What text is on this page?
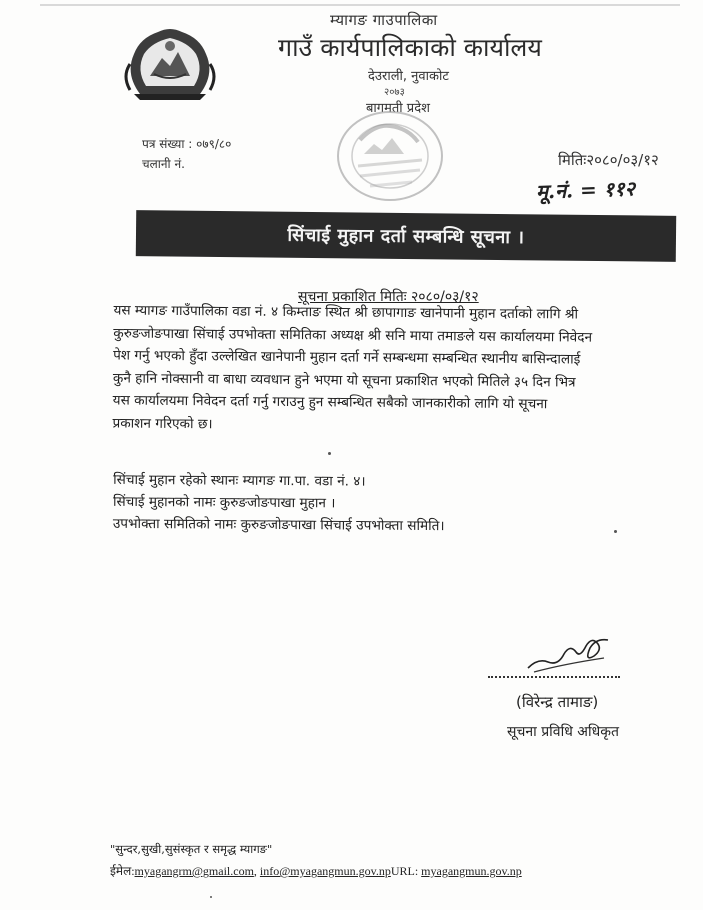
म्यागङ गाउपालिका
गाउँ कार्यपालिकाको कार्यालय
देउराली, नुवाकोट
२०७३
बागमती प्रदेश
पत्र संख्या : ०७९/८०
चलानी नं.	मितिः२०८०/०३/१२
मू.नं. = ११२
सिंचाई मुहान दर्ता सम्बन्धि सूचना ।
सूचना प्रकाशित मितिः २०८०/०३/१२
यस म्यागङ गाउँपालिका वडा नं. ४ किम्ताङ स्थित श्री छापागाङ खानेपानी मुहान दर्ताको लागि श्री
कुरुङजोङपाखा सिंचाई उपभोक्ता समितिका अध्यक्ष श्री सनि माया तमाङले यस कार्यालयमा निवेदन
पेश गर्नु भएको हुँदा उल्लेखित खानेपानी मुहान दर्ता गर्ने सम्बन्धमा सम्बन्धित स्थानीय बासिन्दालाई
कुनै हानि नोक्सानी वा बाधा व्यवधान हुने भएमा यो सूचना प्रकाशित भएको मितिले ३५ दिन भित्र
यस कार्यालयमा निवेदन दर्ता गर्नु गराउनु हुन सम्बन्धित सबैको जानकारीको लागि यो सूचना
प्रकाशन गरिएको छ।
सिंचाई मुहान रहेको स्थानः म्यागङ गा.पा. वडा नं. ४।
सिंचाई मुहानको नामः कुरुङजोङपाखा मुहान ।
उपभोक्ता समितिको नामः कुरुङजोङपाखा सिंचाई उपभोक्ता समिति।
(विरेन्द्र तामाङ)
सूचना प्रविधि अधिकृत
"सुन्दर,सुखी,सुसंस्कृत र समृद्ध म्यागङ"
ईमेल:myagangrm@gmail.com, info@myagangmun.gov.npURL: myagangmun.gov.np
